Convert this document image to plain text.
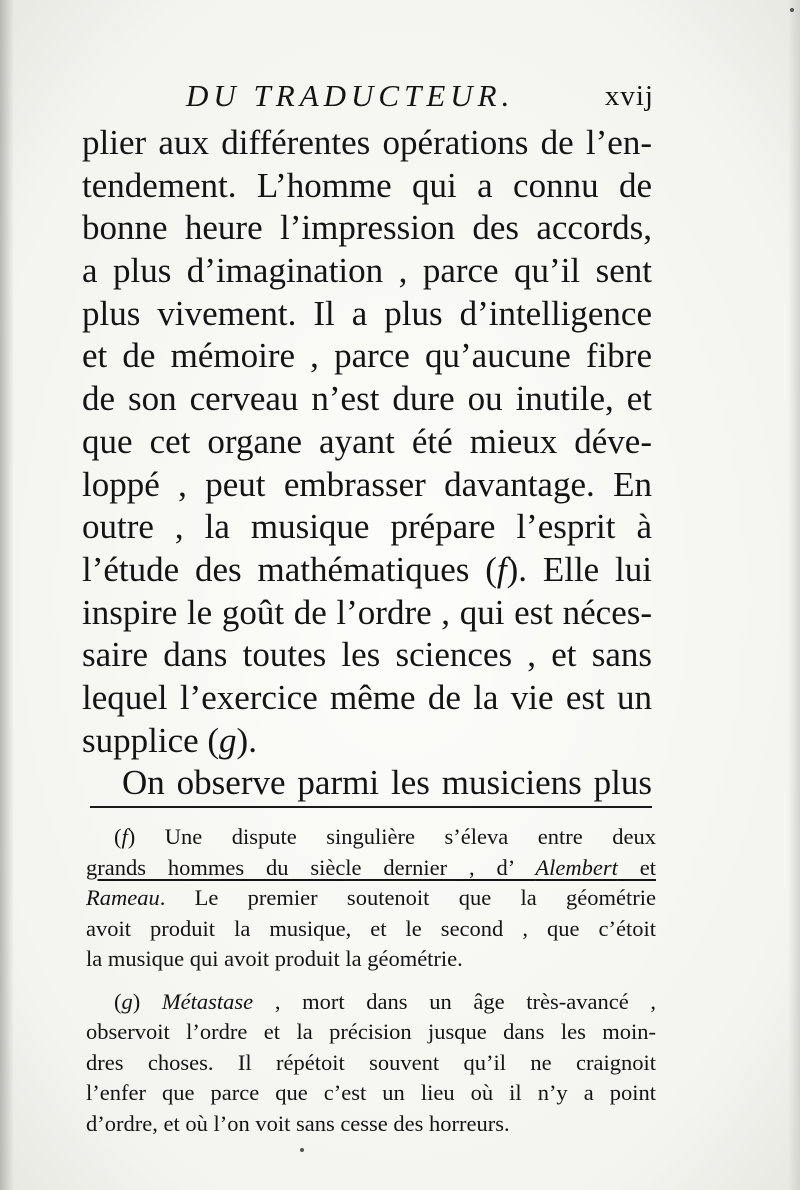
DU TRADUCTEUR.	xvij
plier aux différentes opérations de l’en-
tendement. L’homme qui a connu de
bonne heure l’impression des accords,
a plus d’imagination , parce qu’il sent
plus vivement. Il a plus d’intelligence
et de mémoire , parce qu’aucune fibre
de son cerveau n’est dure ou inutile, et
que cet organe ayant été mieux déve-
loppé , peut embrasser davantage. En
outre , la musique prépare l’esprit à
l’étude des mathématiques (f). Elle lui
inspire le goût de l’ordre , qui est néces-
saire dans toutes les sciences , et sans
lequel l’exercice même de la vie est un
supplice (g).
On observe parmi les musiciens plus
(f) Une dispute singulière s’éleva entre deux
grands hommes du siècle dernier , d’ Alembert et
Rameau. Le premier soutenoit que la géométrie
avoit produit la musique, et le second , que c’étoit
la musique qui avoit produit la géométrie.
(g) Métastase , mort dans un âge très-avancé ,
observoit l’ordre et la précision jusque dans les moin-
dres choses. Il répétoit souvent qu’il ne craignoit
l’enfer que parce que c’est un lieu où il n’y a point
d’ordre, et où l’on voit sans cesse des horreurs.
